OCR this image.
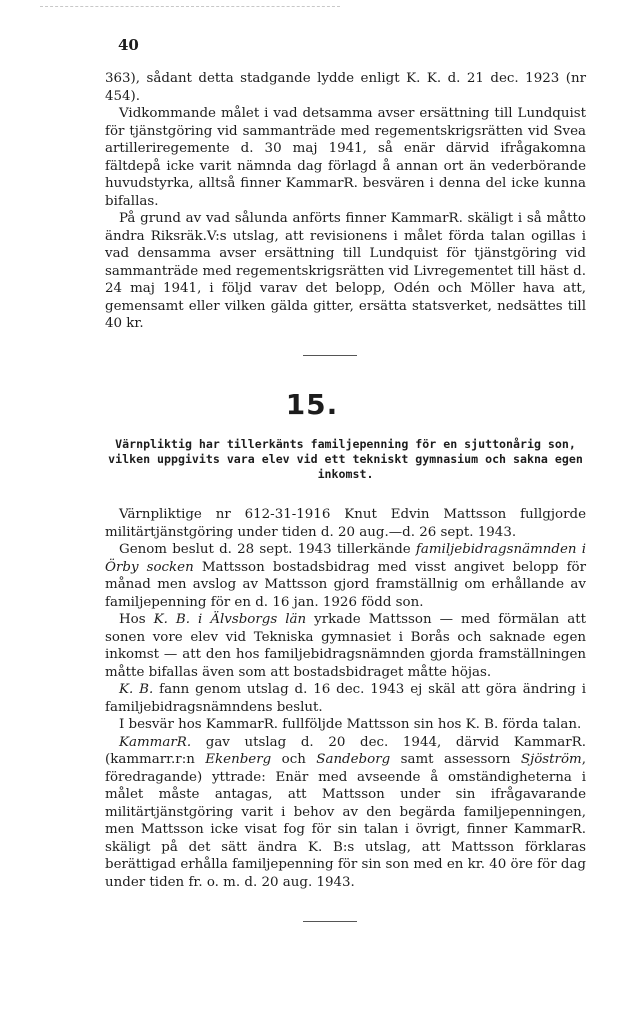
40

363), sådant detta stadgande lydde enligt K. K. d. 21 dec. 1923 (nr 454).

Vidkommande målet i vad detsamma avser ersättning till Lundquist för tjänstgöring vid sammanträde med regementskrigsrätten vid Svea artilleriregemente d. 30 maj 1941, så enär därvid ifrågakomna fältdepå icke varit nämnda dag förlagd å annan ort än vederbörande huvudstyrka, alltså finner KammarR. besvären i denna del icke kunna bifallas.

På grund av vad sålunda anförts finner KammarR. skäligt i så måtto ändra Riksräk.V:s utslag, att revisionens i målet förda talan ogillas i vad densamma avser ersättning till Lundquist för tjänstgöring vid sammanträde med regementskrigsrätten vid Livregementet till häst d. 24 maj 1941, i följd varav det belopp, Odén och Möller hava att, gemensamt eller vilken gälda gitter, ersätta statsverket, nedsättes till 40 kr.

15.
Värnpliktig har tillerkänts familjepenning för en sjuttonårig son, vilken uppgivits vara elev vid ett tekniskt gymnasium och sakna egen inkomst.

Värnpliktige nr 612-31-1916 Knut Edvin Mattsson fullgjorde militärtjänstgöring under tiden d. 20 aug.—d. 26 sept. 1943.

Genom beslut d. 28 sept. 1943 tillerkände familjebidragsnämnden i Örby socken Mattsson bostadsbidrag med visst angivet belopp för månad men avslog av Mattsson gjord framställnig om erhållande av familjepenning för en d. 16 jan. 1926 född son.

Hos K. B. i Älvsborgs län yrkade Mattsson — med förmälan att sonen vore elev vid Tekniska gymnasiet i Borås och saknade egen inkomst — att den hos familjebidragsnämnden gjorda framställningen måtte bifallas även som att bostadsbidraget måtte höjas.

K. B. fann genom utslag d. 16 dec. 1943 ej skäl att göra ändring i familjebidragsnämndens beslut.

I besvär hos KammarR. fullföljde Mattsson sin hos K. B. förda talan.

KammarR. gav utslag d. 20 dec. 1944, därvid KammarR. (kammarr.r:n Ekenberg och Sandeborg samt assessorn Sjöström, föredragande) yttrade: Enär med avseende å omständigheterna i målet måste antagas, att Mattsson under sin ifrågavarande militärtjänstgöring varit i behov av den begärda familjepenningen, men Mattsson icke visat fog för sin talan i övrigt, finner KammarR. skäligt på det sätt ändra K. B:s utslag, att Mattsson förklaras berättigad erhålla familjepenning för sin son med en kr. 40 öre för dag under tiden fr. o. m. d. 20 aug. 1943.
